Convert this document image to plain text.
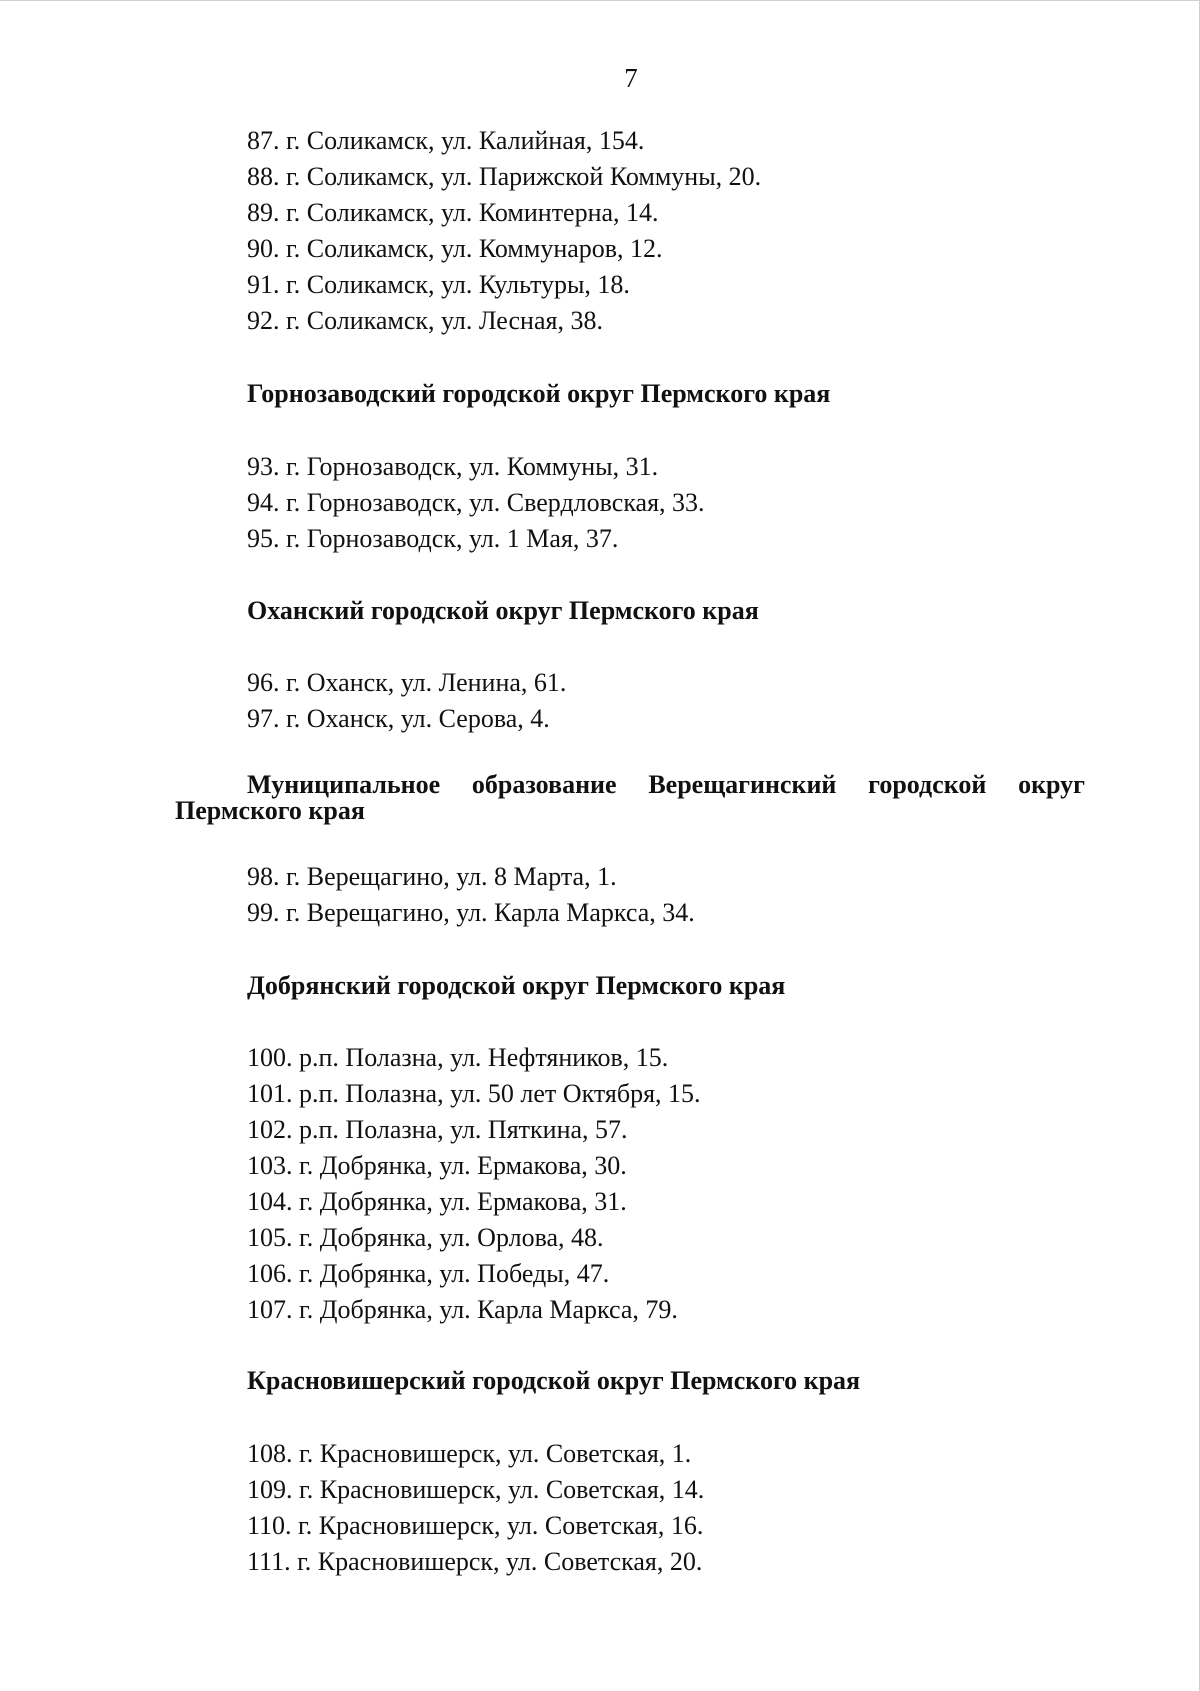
7
87. г. Соликамск, ул. Калийная, 154.
88. г. Соликамск, ул. Парижской Коммуны, 20.
89. г. Соликамск, ул. Коминтерна, 14.
90. г. Соликамск, ул. Коммунаров, 12.
91. г. Соликамск, ул. Культуры, 18.
92. г. Соликамск, ул. Лесная, 38.

Горнозаводский городской округ Пермского края

93. г. Горнозаводск, ул. Коммуны, 31.
94. г. Горнозаводск, ул. Свердловская, 33.
95. г. Горнозаводск, ул. 1 Мая, 37.

Оханский городской округ Пермского края

96. г. Оханск, ул. Ленина, 61.
97. г. Оханск, ул. Серова, 4.

Муниципальное образование Верещагинский городской округ
Пермского края

98. г. Верещагино, ул. 8 Марта, 1.
99. г. Верещагино, ул. Карла Маркса, 34.

Добрянский городской округ Пермского края

100. р.п. Полазна, ул. Нефтяников, 15.
101. р.п. Полазна, ул. 50 лет Октября, 15.
102. р.п. Полазна, ул. Пяткина, 57.
103. г. Добрянка, ул. Ермакова, 30.
104. г. Добрянка, ул. Ермакова, 31.
105. г. Добрянка, ул. Орлова, 48.
106. г. Добрянка, ул. Победы, 47.
107. г. Добрянка, ул. Карла Маркса, 79.

Красновишерский городской округ Пермского края

108. г. Красновишерск, ул. Советская, 1.
109. г. Красновишерск, ул. Советская, 14.
110. г. Красновишерск, ул. Советская, 16.
111. г. Красновишерск, ул. Советская, 20.
